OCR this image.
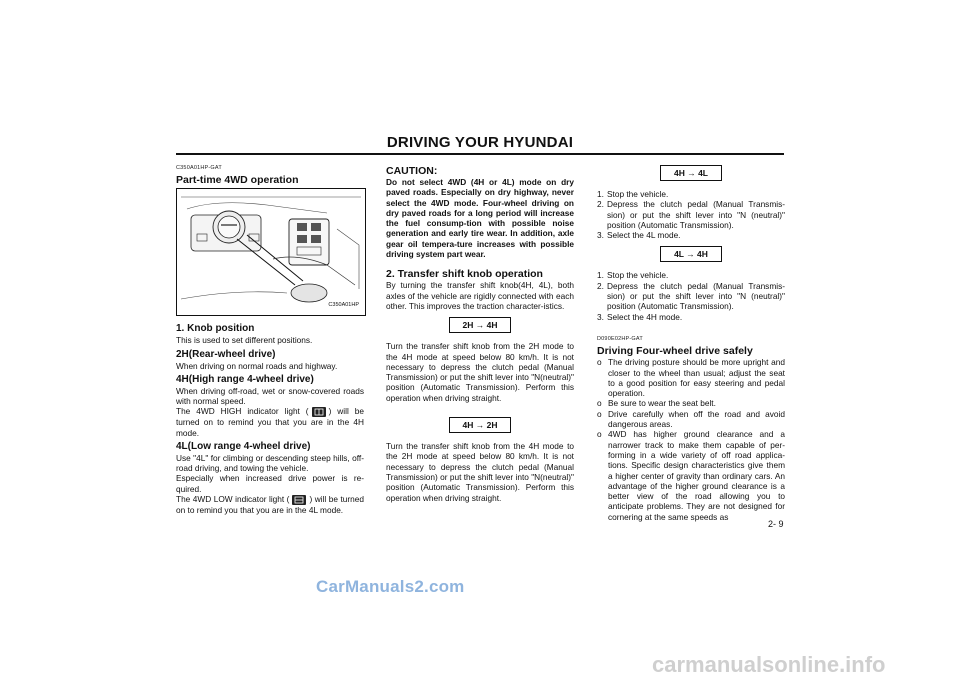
DRIVING YOUR HYUNDAI
C350A01HP-GAT
Part-time 4WD operation
C350A01HP
1. Knob position

This is used to set different positions.

2H(Rear-wheel drive)

When driving on normal roads and highway.

4H(High range 4-wheel drive)

When driving off-road, wet or snow-covered roads with normal speed.

The 4WD HIGH indicator light ( ) will be turned on to remind you that you are in the 4H mode.

4L(Low range 4-wheel drive)

Use "4L" for climbing or descending steep hills, off-road driving, and towing the vehicle.

Especially when increased drive power is re-quired.

The 4WD LOW indicator light ( ) will be turned on to remind you that you are in the 4L mode.

CAUTION:

Do not select 4WD (4H or 4L) mode on dry paved roads. Especially on dry highway, never select the 4WD mode. Four-wheel driving on dry paved roads for a long period will increase the fuel consump-tion with possible noise generation and early tire wear. In addition, axle gear oil tempera-ture increases with possible driving system part wear.

2. Transfer shift knob operation

By turning the transfer shift knob(4H, 4L), both axles of the vehicle are rigidly connected with each other. This improves the traction character-istics.

2H → 4H

Turn the transfer shift knob from the 2H mode to the 4H mode at speed below 80 km/h. It is not necessary to depress the clutch pedal (Manual Transmission) or put the shift lever into "N(neutral)" position (Automatic Transmission). Perform this operation when driving straight.

4H → 2H

Turn the transfer shift knob from the 4H mode to the 2H mode at speed below 80 km/h. It is not necessary to depress the clutch pedal (Manual Transmission) or put the shift lever into "N(neutral)" position (Automatic Transmission). Perform this operation when driving straight.

4H → 4L
1. Stop the vehicle.
2. Depress the clutch pedal (Manual Transmis-sion) or put the shift lever into "N (neutral)" position (Automatic Transmission).
3. Select the 4L mode.
4L → 4H
1. Stop the vehicle.
2. Depress the clutch pedal (Manual Transmis-sion) or put the shift lever into "N (neutral)" position (Automatic Transmission).
3. Select the 4H mode.
D090E02HP-GAT
Driving Four-wheel drive safely
o The driving posture should be more upright and closer to the wheel than usual; adjust the seat to a good position for easy steering and pedal operation.
o Be sure to wear the seat belt.
o Drive carefully when off the road and avoid dangerous areas.
o 4WD has higher ground clearance and a narrower track to make them capable of per-forming in a wide variety of off road applica-tions. Specific design characteristics give them a higher center of gravity than ordinary cars. An advantage of the higher ground clearance is a better view of the road allowing you to anticipate problems. They are not designed for cornering at the same speeds as
2- 9
CarManuals2.com
carmanualsonline.info
